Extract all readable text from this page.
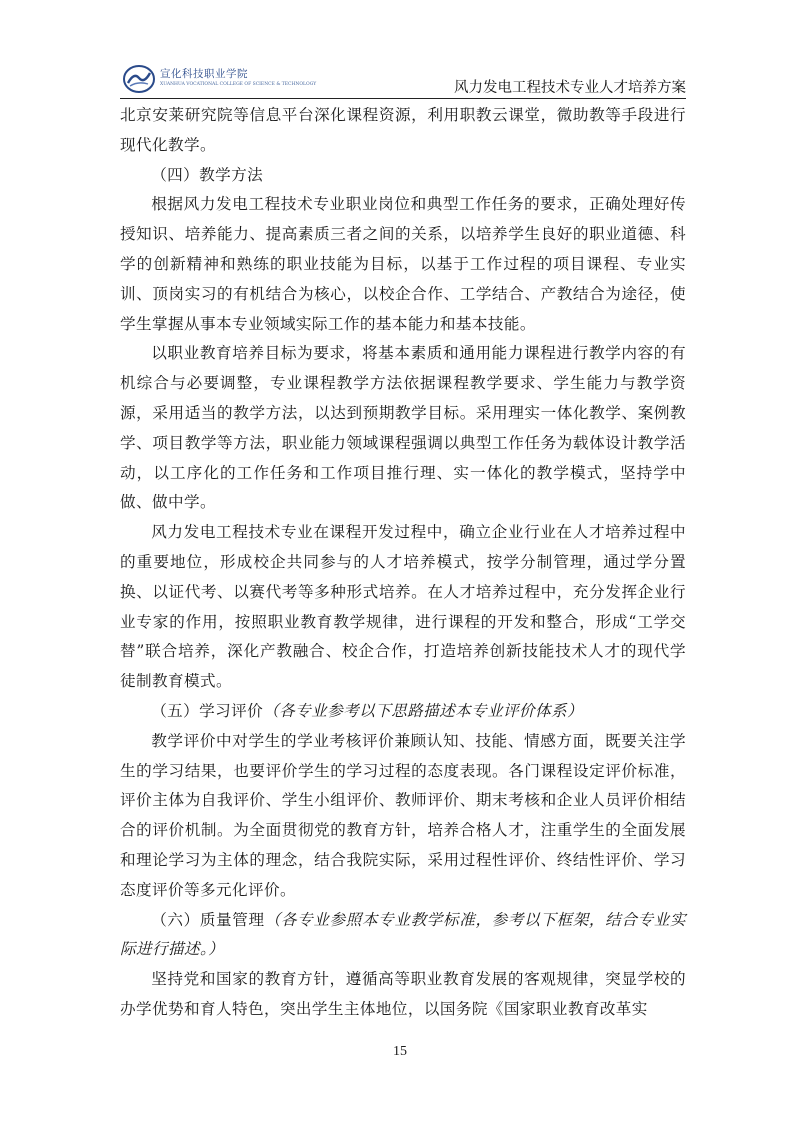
宣化科技职业学院
XUANHUA VOCATIONAL COLLEGE OF SCIENCE & TECHNOLOGY	风力发电工程技术专业人才培养方案

北京安莱研究院等信息平台深化课程资源，利用职教云课堂，微助教等手段进行现代化教学。

（四）教学方法

根据风力发电工程技术专业职业岗位和典型工作任务的要求，正确处理好传授知识、培养能力、提高素质三者之间的关系，以培养学生良好的职业道德、科学的创新精神和熟练的职业技能为目标，以基于工作过程的项目课程、专业实训、顶岗实习的有机结合为核心，以校企合作、工学结合、产教结合为途径，使学生掌握从事本专业领域实际工作的基本能力和基本技能。

以职业教育培养目标为要求，将基本素质和通用能力课程进行教学内容的有机综合与必要调整，专业课程教学方法依据课程教学要求、学生能力与教学资源，采用适当的教学方法，以达到预期教学目标。采用理实一体化教学、案例教学、项目教学等方法，职业能力领域课程强调以典型工作任务为载体设计教学活动，以工序化的工作任务和工作项目推行理、实一体化的教学模式，坚持学中做、做中学。

风力发电工程技术专业在课程开发过程中，确立企业行业在人才培养过程中的重要地位，形成校企共同参与的人才培养模式，按学分制管理，通过学分置换、以证代考、以赛代考等多种形式培养。在人才培养过程中，充分发挥企业行业专家的作用，按照职业教育教学规律，进行课程的开发和整合，形成“工学交替”联合培养，深化产教融合、校企合作，打造培养创新技能技术人才的现代学徒制教育模式。

（五）学习评价（各专业参考以下思路描述本专业评价体系）

教学评价中对学生的学业考核评价兼顾认知、技能、情感方面，既要关注学生的学习结果，也要评价学生的学习过程的态度表现。各门课程设定评价标准，评价主体为自我评价、学生小组评价、教师评价、期末考核和企业人员评价相结合的评价机制。为全面贯彻党的教育方针，培养合格人才，注重学生的全面发展和理论学习为主体的理念，结合我院实际，采用过程性评价、终结性评价、学习态度评价等多元化评价。

（六）质量管理（各专业参照本专业教学标准，参考以下框架，结合专业实际进行描述。）

坚持党和国家的教育方针，遵循高等职业教育发展的客观规律，突显学校的办学优势和育人特色，突出学生主体地位，以国务院《国家职业教育改革实

15
